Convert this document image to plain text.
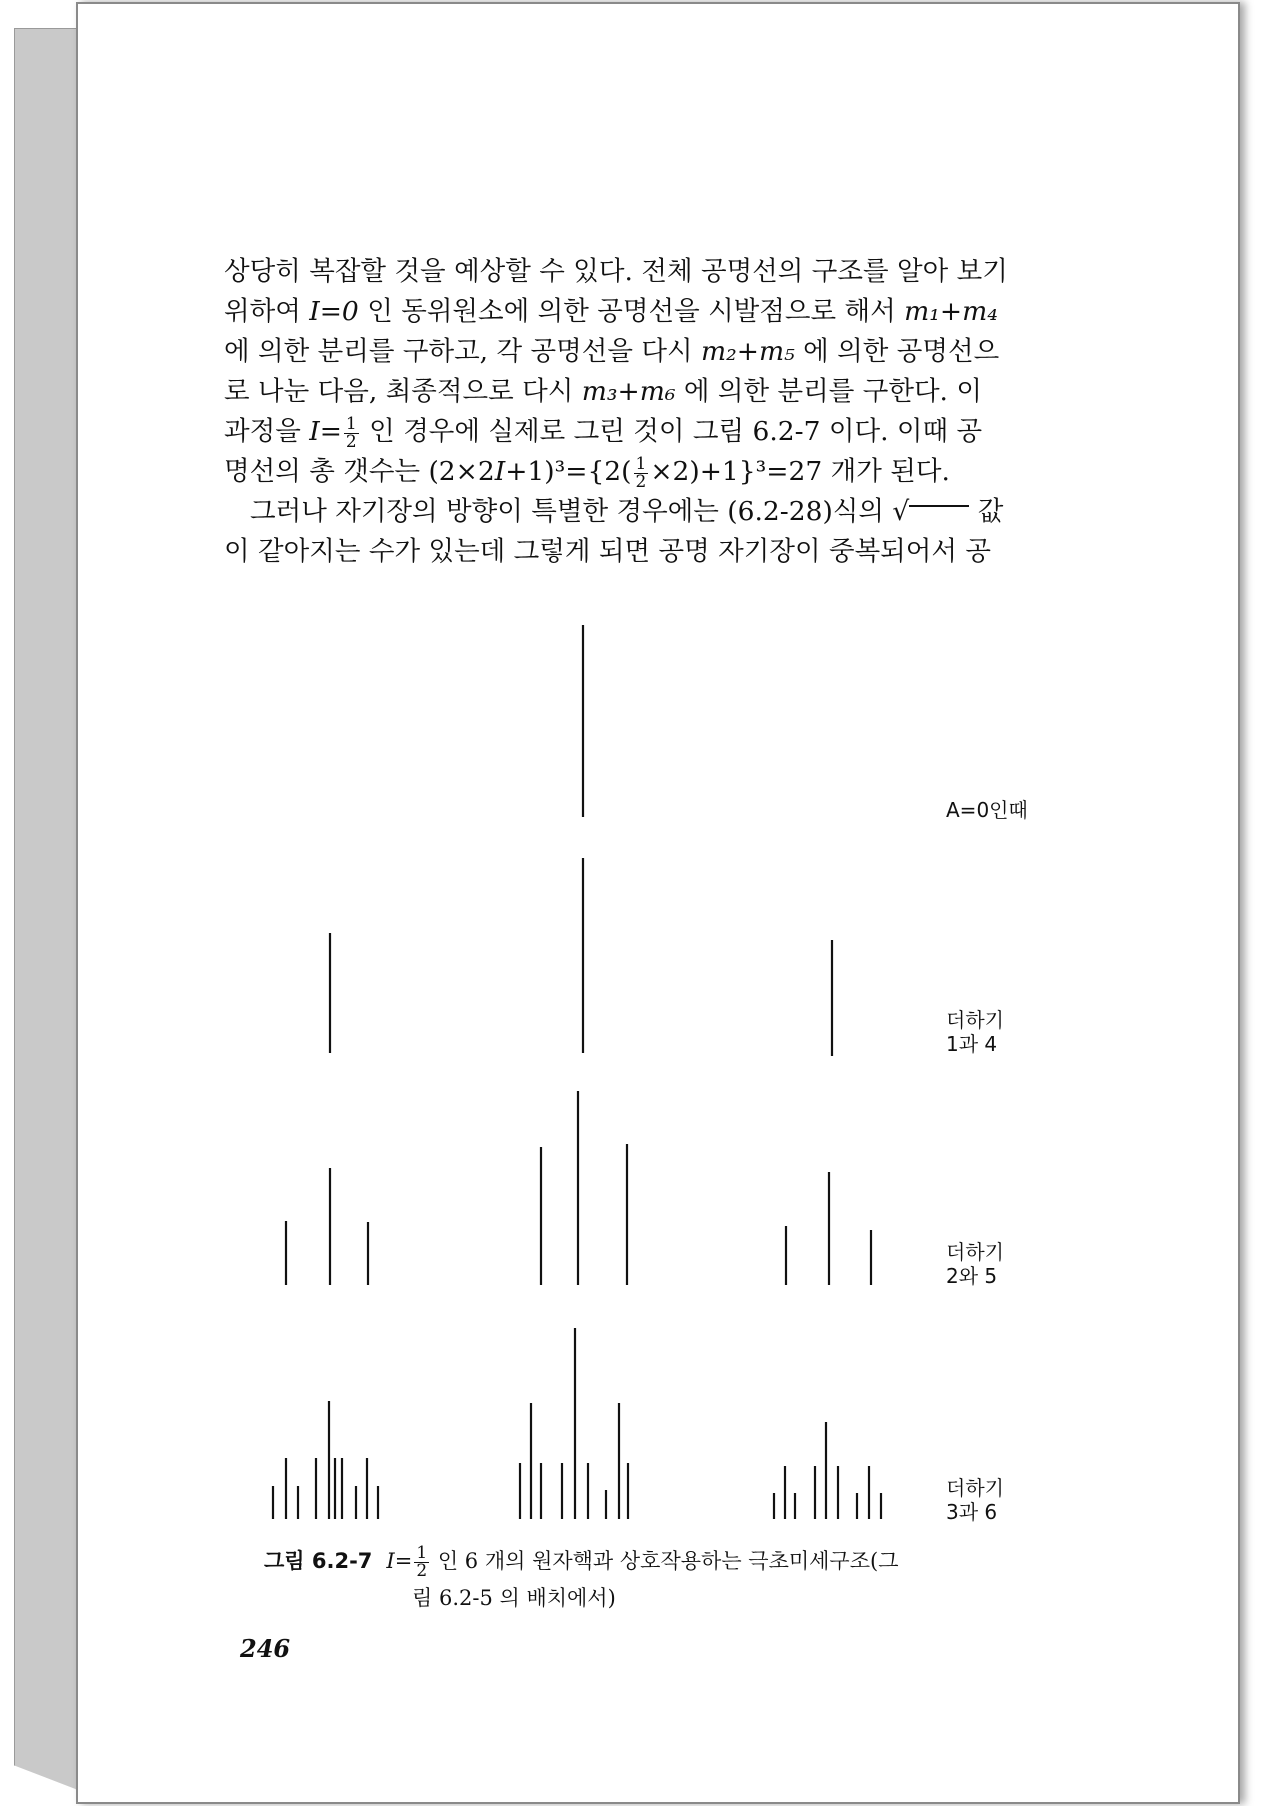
상당히 복잡할 것을 예상할 수 있다. 전체 공명선의 구조를 알아 보기

위하여 I=0 인 동위원소에 의한 공명선을 시발점으로 해서 m₁+m₄

에 의한 분리를 구하고, 각 공명선을 다시 m₂+m₅ 에 의한 공명선으

로 나눈 다음, 최종적으로 다시 m₃+m₆ 에 의한 분리를 구한다. 이

과정을 $I= \frac{1}{2}$ 인 경우에 실제로 그린 것이 그림 6.2-7 이다. 이때 공

명선의 총 갯수는 $(2\times 2I+1)^3=\{2( \frac{1}{2} \times 2)+1\}^3=27$ 개가 된다.

그러나 자기장의 방향이 특별한 경우에는 (6.2-28)식의 √ 값

이 같아지는 수가 있는데 그렇게 되면 공명 자기장이 중복되어서 공

A=0인때
더하기
1과 4
더하기
2와 5
더하기
3과 6
그림 6.2-7 $I= \frac{1}{2}$ 인 6 개의 원자핵과 상호작용하는 극초미세구조(그
림 6.2-5 의 배치에서)
246
